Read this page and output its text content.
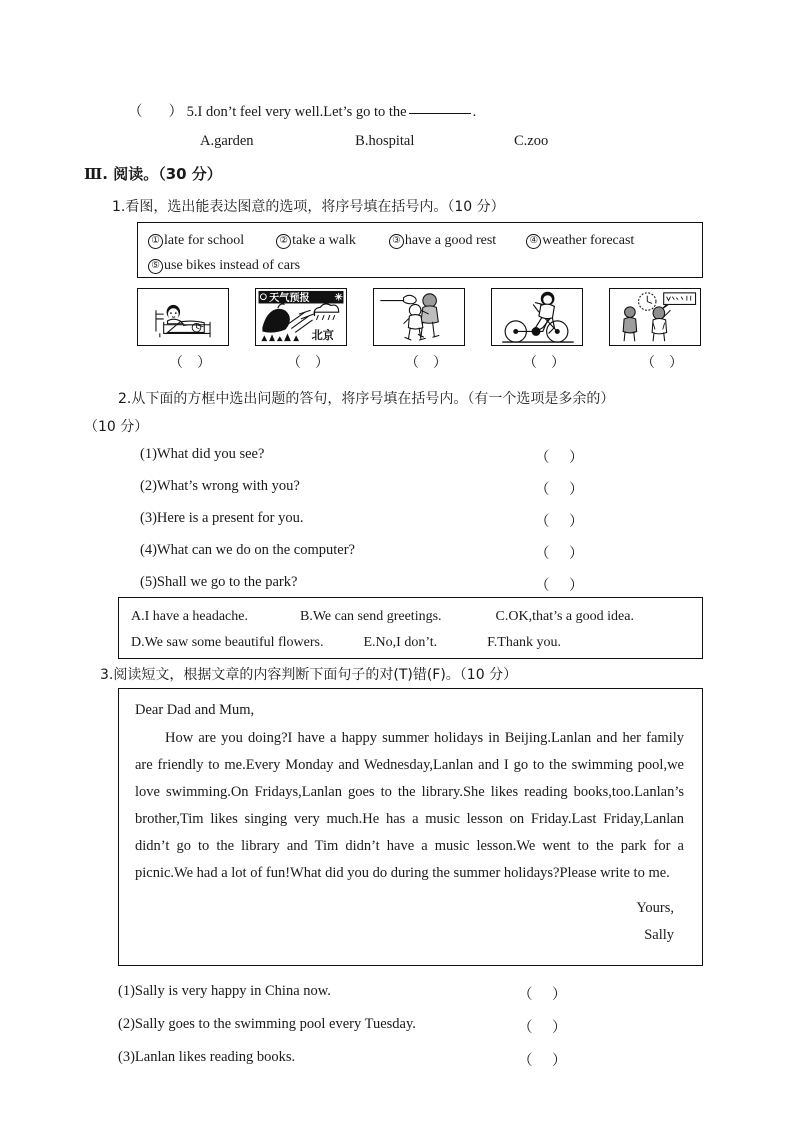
（ ） 5.I don’t feel very well.Let’s go to the	.
A.garden	B.hospital	C.zoo
Ⅲ. 阅读。（30 分）
1.看图，选出能表达图意的选项，将序号填在括号内。（10 分）
① late for school	② take a walk	③ have a good rest	④ weather forecast
⑤ use bikes instead of cars
（ ）
天气预报
北京
（ ）	（ ）	（ ）	（ ）
2.从下面的方框中选出问题的答句，将序号填在括号内。（有一个选项是多余的）
（10 分）
(1)What did you see?	（ ）
(2)What’s wrong with you?	（ ）
(3)Here is a present for you.	（ ）
(4)What can we do on the computer?	（ ）
(5)Shall we go to the park?	（ ）
A.I have a headache.	B.We can send greetings.	C.OK,that’s a good idea.
D.We saw some beautiful flowers.	E.No,I don’t.	F.Thank you.
3.阅读短文，根据文章的内容判断下面句子的对(T)错(F)。（10 分）
Dear Dad and Mum,
How are you doing?I have a happy summer holidays in Beijing.Lanlan and her family are friendly to me.Every Monday and Wednesday,Lanlan and I go to the swimming pool,we love swimming.On Fridays,Lanlan goes to the library.She likes reading books,too.Lanlan’s brother,Tim likes singing very much.He has a music lesson on Friday.Last Friday,Lanlan didn’t go to the library and Tim didn’t have a music lesson.We went to the park for a picnic.We had a lot of fun!What did you do during the summer holidays?Please write to me.
Yours,
Sally
(1)Sally is very happy in China now.	（ ）
(2)Sally goes to the swimming pool every Tuesday.	（ ）
(3)Lanlan likes reading books.	（ ）
